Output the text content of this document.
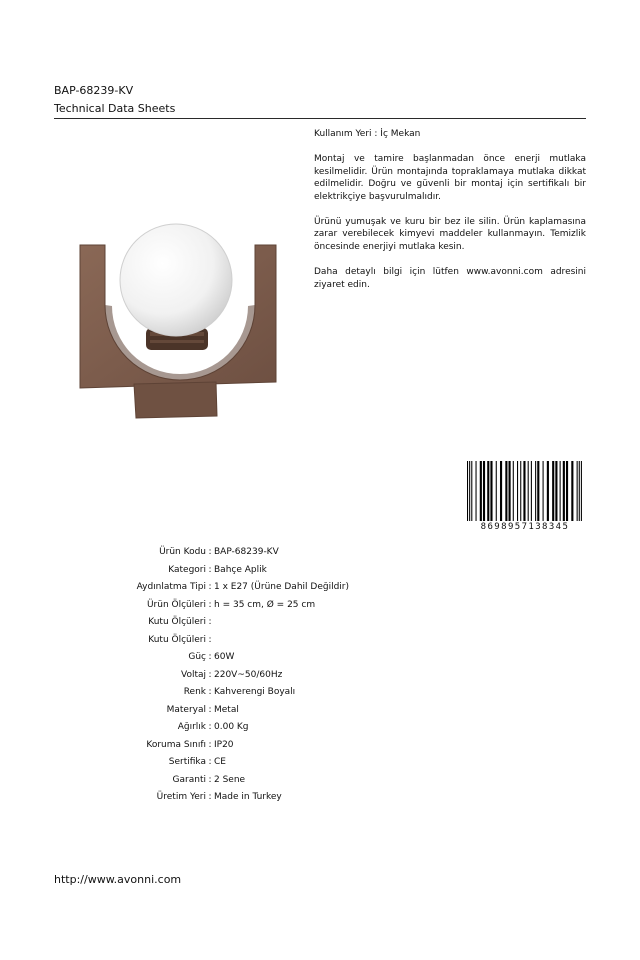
BAP-68239-KV
Technical Data Sheets

Kullanım Yeri : İç Mekan

Montaj ve tamire başlanmadan önce enerji mutlaka kesilmelidir. Ürün montajında topraklamaya mutlaka dikkat edilmelidir. Doğru ve güvenli bir montaj için sertifikalı bir elektrikçiye başvurulmalıdır.

Ürünü yumuşak ve kuru bir bez ile silin. Ürün kaplamasına zarar verebilecek kimyevi maddeler kullanmayın. Temizlik öncesinde enerjiyi mutlaka kesin.

Daha detaylı bilgi için lütfen www.avonni.com adresini ziyaret edin.

8698957138345
Ürün Kodu : BAP-68239-KV
Kategori : Bahçe Aplik
Aydınlatma Tipi : 1 x E27 (Ürüne Dahil Değildir)
Ürün Ölçüleri : h = 35 cm, Ø = 25 cm
Kutu Ölçüleri :
Kutu Ölçüleri :
Güç : 60W
Voltaj : 220V~50/60Hz
Renk : Kahverengi Boyalı
Materyal : Metal
Ağırlık : 0.00 Kg
Koruma Sınıfı : IP20
Sertifika : CE
Garanti : 2 Sene
Üretim Yeri : Made in Turkey
http://www.avonni.com
